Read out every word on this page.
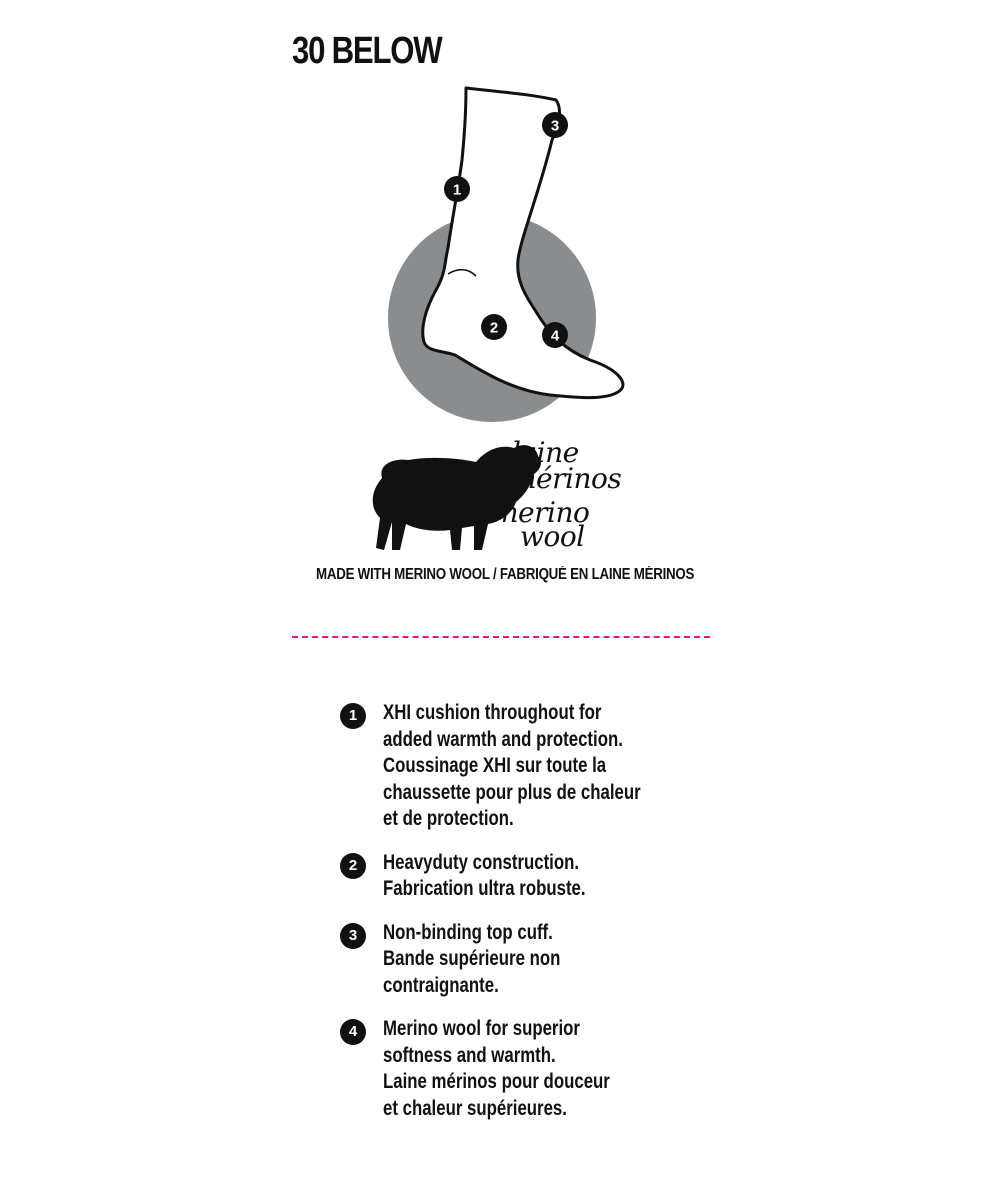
30 BELOW
1
2
3
4
laine
mérinos
merino
wool
MADE WITH MERINO WOOL / FABRIQUÉ EN LAINE MÉRINOS
1	XHI cushion throughout for
added warmth and protection.
Coussinage XHI sur toute la
chaussette pour plus de chaleur
et de protection.
2	Heavyduty construction.
Fabrication ultra robuste.
3	Non-binding top cuff.
Bande supérieure non
contraignante.
4	Merino wool for superior
softness and warmth.
Laine mérinos pour douceur
et chaleur supérieures.
